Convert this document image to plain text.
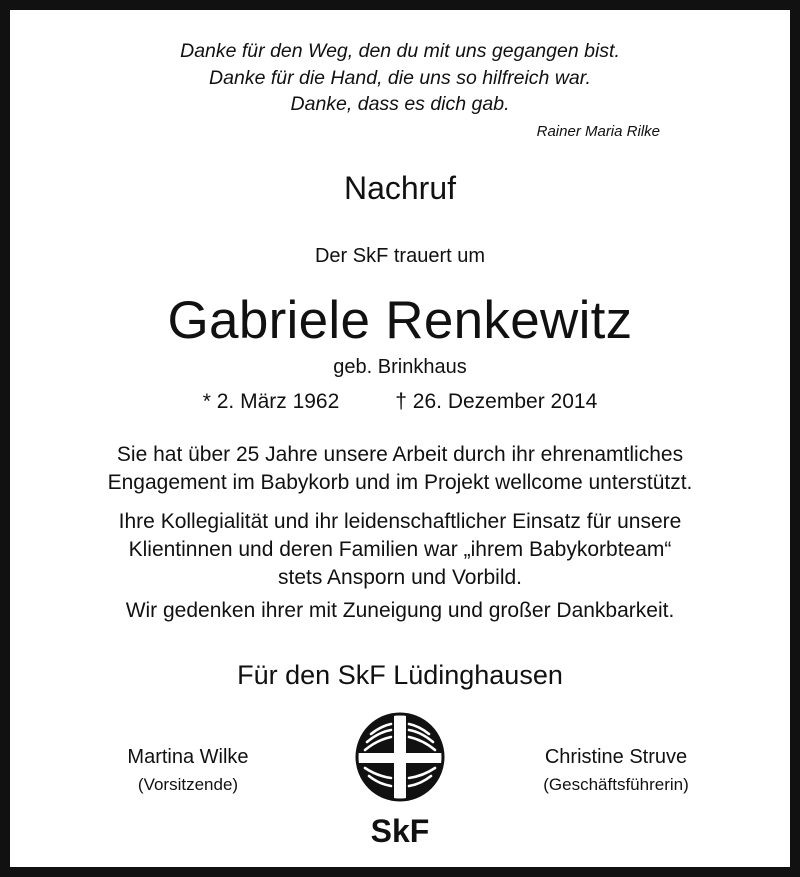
Danke für den Weg, den du mit uns gegangen bist.
Danke für die Hand, die uns so hilfreich war.
Danke, dass es dich gab.
Rainer Maria Rilke
Nachruf
Der SkF trauert um
Gabriele Renkewitz
geb. Brinkhaus
* 2. März 1962	† 26. Dezember 2014
Sie hat über 25 Jahre unsere Arbeit durch ihr ehrenamtliches
Engagement im Babykorb und im Projekt wellcome unterstützt.
Ihre Kollegialität und ihr leidenschaftlicher Einsatz für unsere
Klientinnen und deren Familien war „ihrem Babykorbteam“
stets Ansporn und Vorbild.
Wir gedenken ihrer mit Zuneigung und großer Dankbarkeit.
Für den SkF Lüdinghausen
Martina Wilke
(Vorsitzende)
Christine Struve
(Geschäftsführerin)
SkF
